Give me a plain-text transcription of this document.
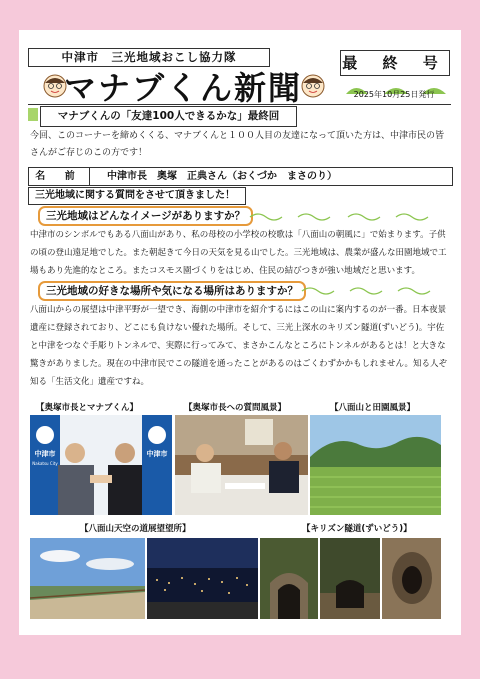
中津市　三光地域おこし協力隊
マナブくん新聞
最 終 号
2025年10月25日発行
マナブくんの「友達100人できるかな」最終回
今回、このコーナーを締めくくる、マナブくんと１００人目の友達になって頂いた方は、中津市民の皆さんがご存じのこの方です！
名 前	中津市長　奥塚　正典さん（おくづか　まさのり）
三光地域に関する質問をさせて頂きました！
三光地域はどんなイメージがありますか？
中津市のシンボルでもある八面山があり、私の母校の小学校の校歌は「八面山の朝風に」で始まります。子供の頃の登山遠足地でした。また朝起きて今日の天気を見る山でした。三光地域は、農業が盛んな田園地域で工場もあり先進的なところ。またコスモス園づくりをはじめ、住民の結びつきが強い地域だと思います。
三光地域の好きな場所や気になる場所はありますか？
八面山からの展望は中津平野が一望でき、海側の中津市を紹介するにはこの山に案内するのが一番。日本夜景遺産に登録されており、どこにも負けない優れた場所。そして、三光上深水のキリズン隧道(ずいどう)。宇佐と中津をつなぐ手彫りトンネルで、実際に行ってみて、まさかこんなところにトンネルがあるとは！と大きな驚きがありました。現在の中津市民でこの隧道を通ったことがあるのはごくわずかかもしれません。知る人ぞ知る「生活文化」遺産ですね。
【奥塚市長とマナブくん】	【奥塚市長への質問風景】	【八面山と田園風景】
中津市	中津市
Nakatsu City
【八面山天空の道展望望所】	【キリズン隧道(ずいどう)】
